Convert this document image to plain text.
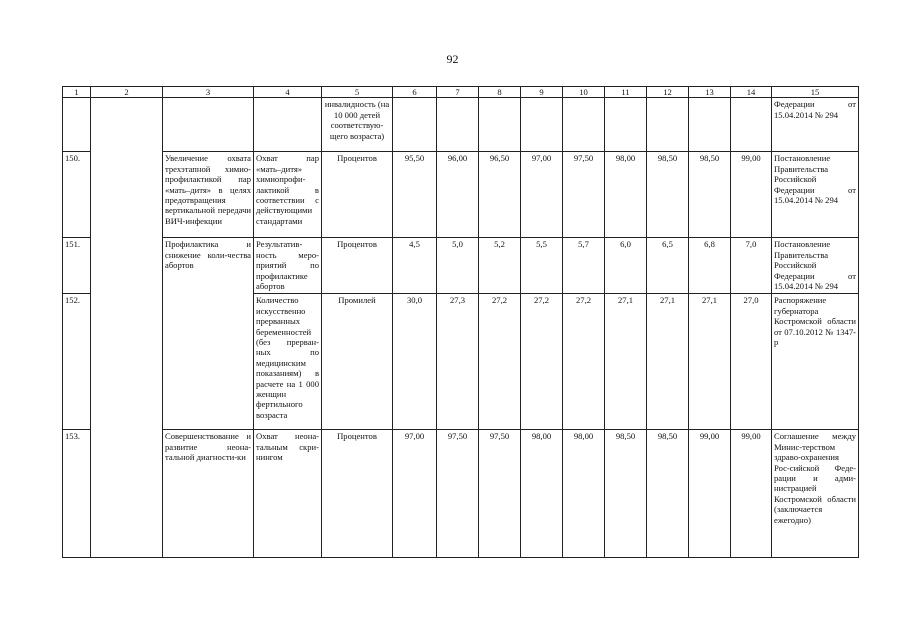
92
1	2	3	4	5	6	7	8	9	10	11	12	13	14	15
				инвалидность (на 10 000 детей соответствую-щего возраста)										Федерации от 15.04.2014 № 294
150.		Увеличение охвата трехэтапной химио-профилактикой пар «мать–дитя» в целях предотвращения вертикальной передачи ВИЧ-инфекции	Охват пар «мать–дитя» химиопрофи-лактикой в соответствии с действующими стандартами	Процентов	95,50	96,00	96,50	97,00	97,50	98,00	98,50	98,50	99,00	Постановление Правительства Российской Федерации от 15.04.2014 № 294
151.		Профилактика и снижение коли-чества абортов	Результатив-ность меро-приятий по профилактике абортов	Процентов	4,5	5,0	5,2	5,5	5,7	6,0	6,5	6,8	7,0	Постановление Правительства Российской Федерации от 15.04.2014 № 294
152.			Количество искусственно прерванных беременностей (без прерван-ных по медицинским показаниям) в расчете на 1 000 женщин фертильного возраста	Промилей	30,0	27,3	27,2	27,2	27,2	27,1	27,1	27,1	27,0	Распоряжение губернатора Костромской области от 07.10.2012 № 1347-р
153.		Совершенствование и развитие неона-тальной диагности-ки	Охват неона-тальным скри-нингом	Процентов	97,00	97,50	97,50	98,00	98,00	98,50	98,50	99,00	99,00	Соглашение между Минис-терством здраво-охранения Рос-сийской Феде-рации и адми-нистрацией Костромской области (заключается ежегодно)
